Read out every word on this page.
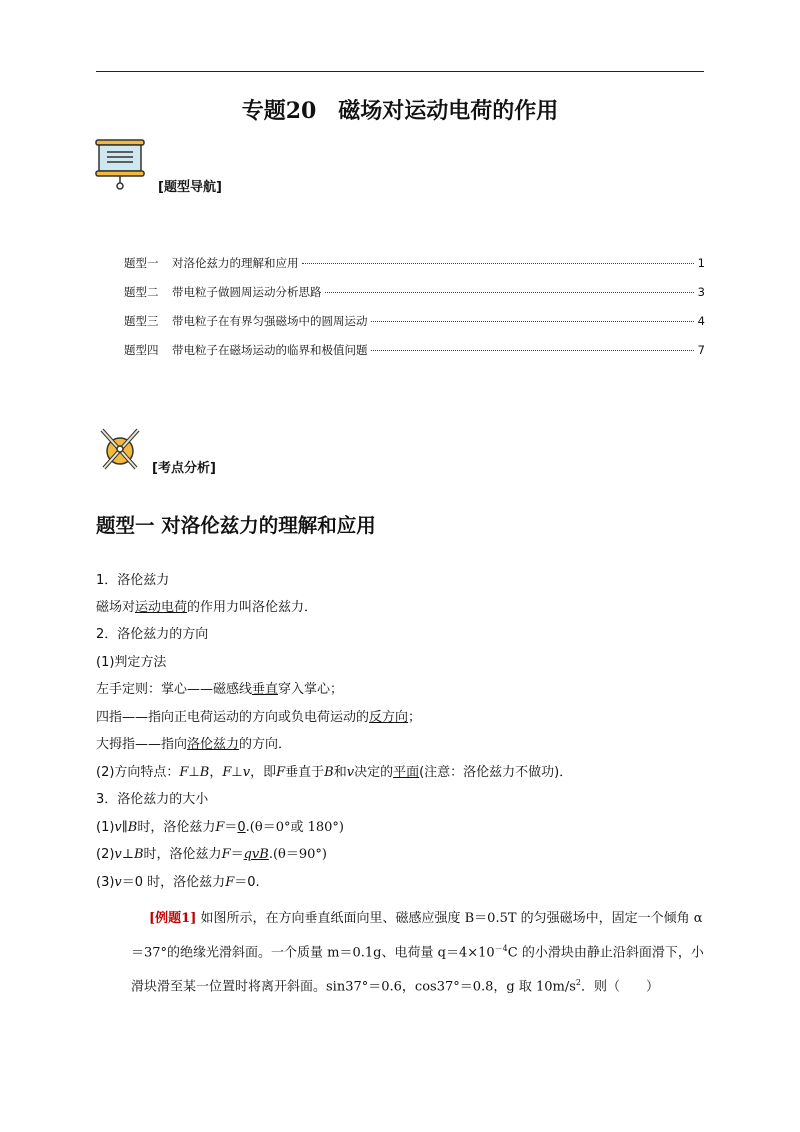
专题20　磁场对运动电荷的作用
[题型导航]
题型一	对洛伦兹力的理解和应用	1
题型二	带电粒子做圆周运动分析思路	3
题型三	带电粒子在有界匀强磁场中的圆周运动	4
题型四	带电粒子在磁场运动的临界和极值问题	7
[考点分析]
题型一 对洛伦兹力的理解和应用
1．洛伦兹力
磁场对运动电荷的作用力叫洛伦兹力．
2．洛伦兹力的方向
(1)判定方法
左手定则：掌心——磁感线垂直穿入掌心；
四指——指向正电荷运动的方向或负电荷运动的反方向；
大拇指——指向洛伦兹力的方向．
(2)方向特点：F⊥B，F⊥v，即F垂直于B和v决定的平面(注意：洛伦兹力不做功)．
3．洛伦兹力的大小
(1)v∥B时，洛伦兹力F＝0.(θ＝0°或 180°)
(2)v⊥B时，洛伦兹力F＝qvB.(θ＝90°)
(3)v＝0 时，洛伦兹力F＝0.
[例题1] 如图所示，在方向垂直纸面向里、磁感应强度 B＝0.5T 的匀强磁场中，固定一个倾角 α＝37°的绝缘光滑斜面。一个质量 m＝0.1g、电荷量 $q=4\times 10^{-4}C$ 的小滑块由静止沿斜面滑下，小滑块滑至某一位置时将离开斜面。sin37°＝0.6，cos37°＝0.8，g 取 $10m/s^2$．则（　　）
